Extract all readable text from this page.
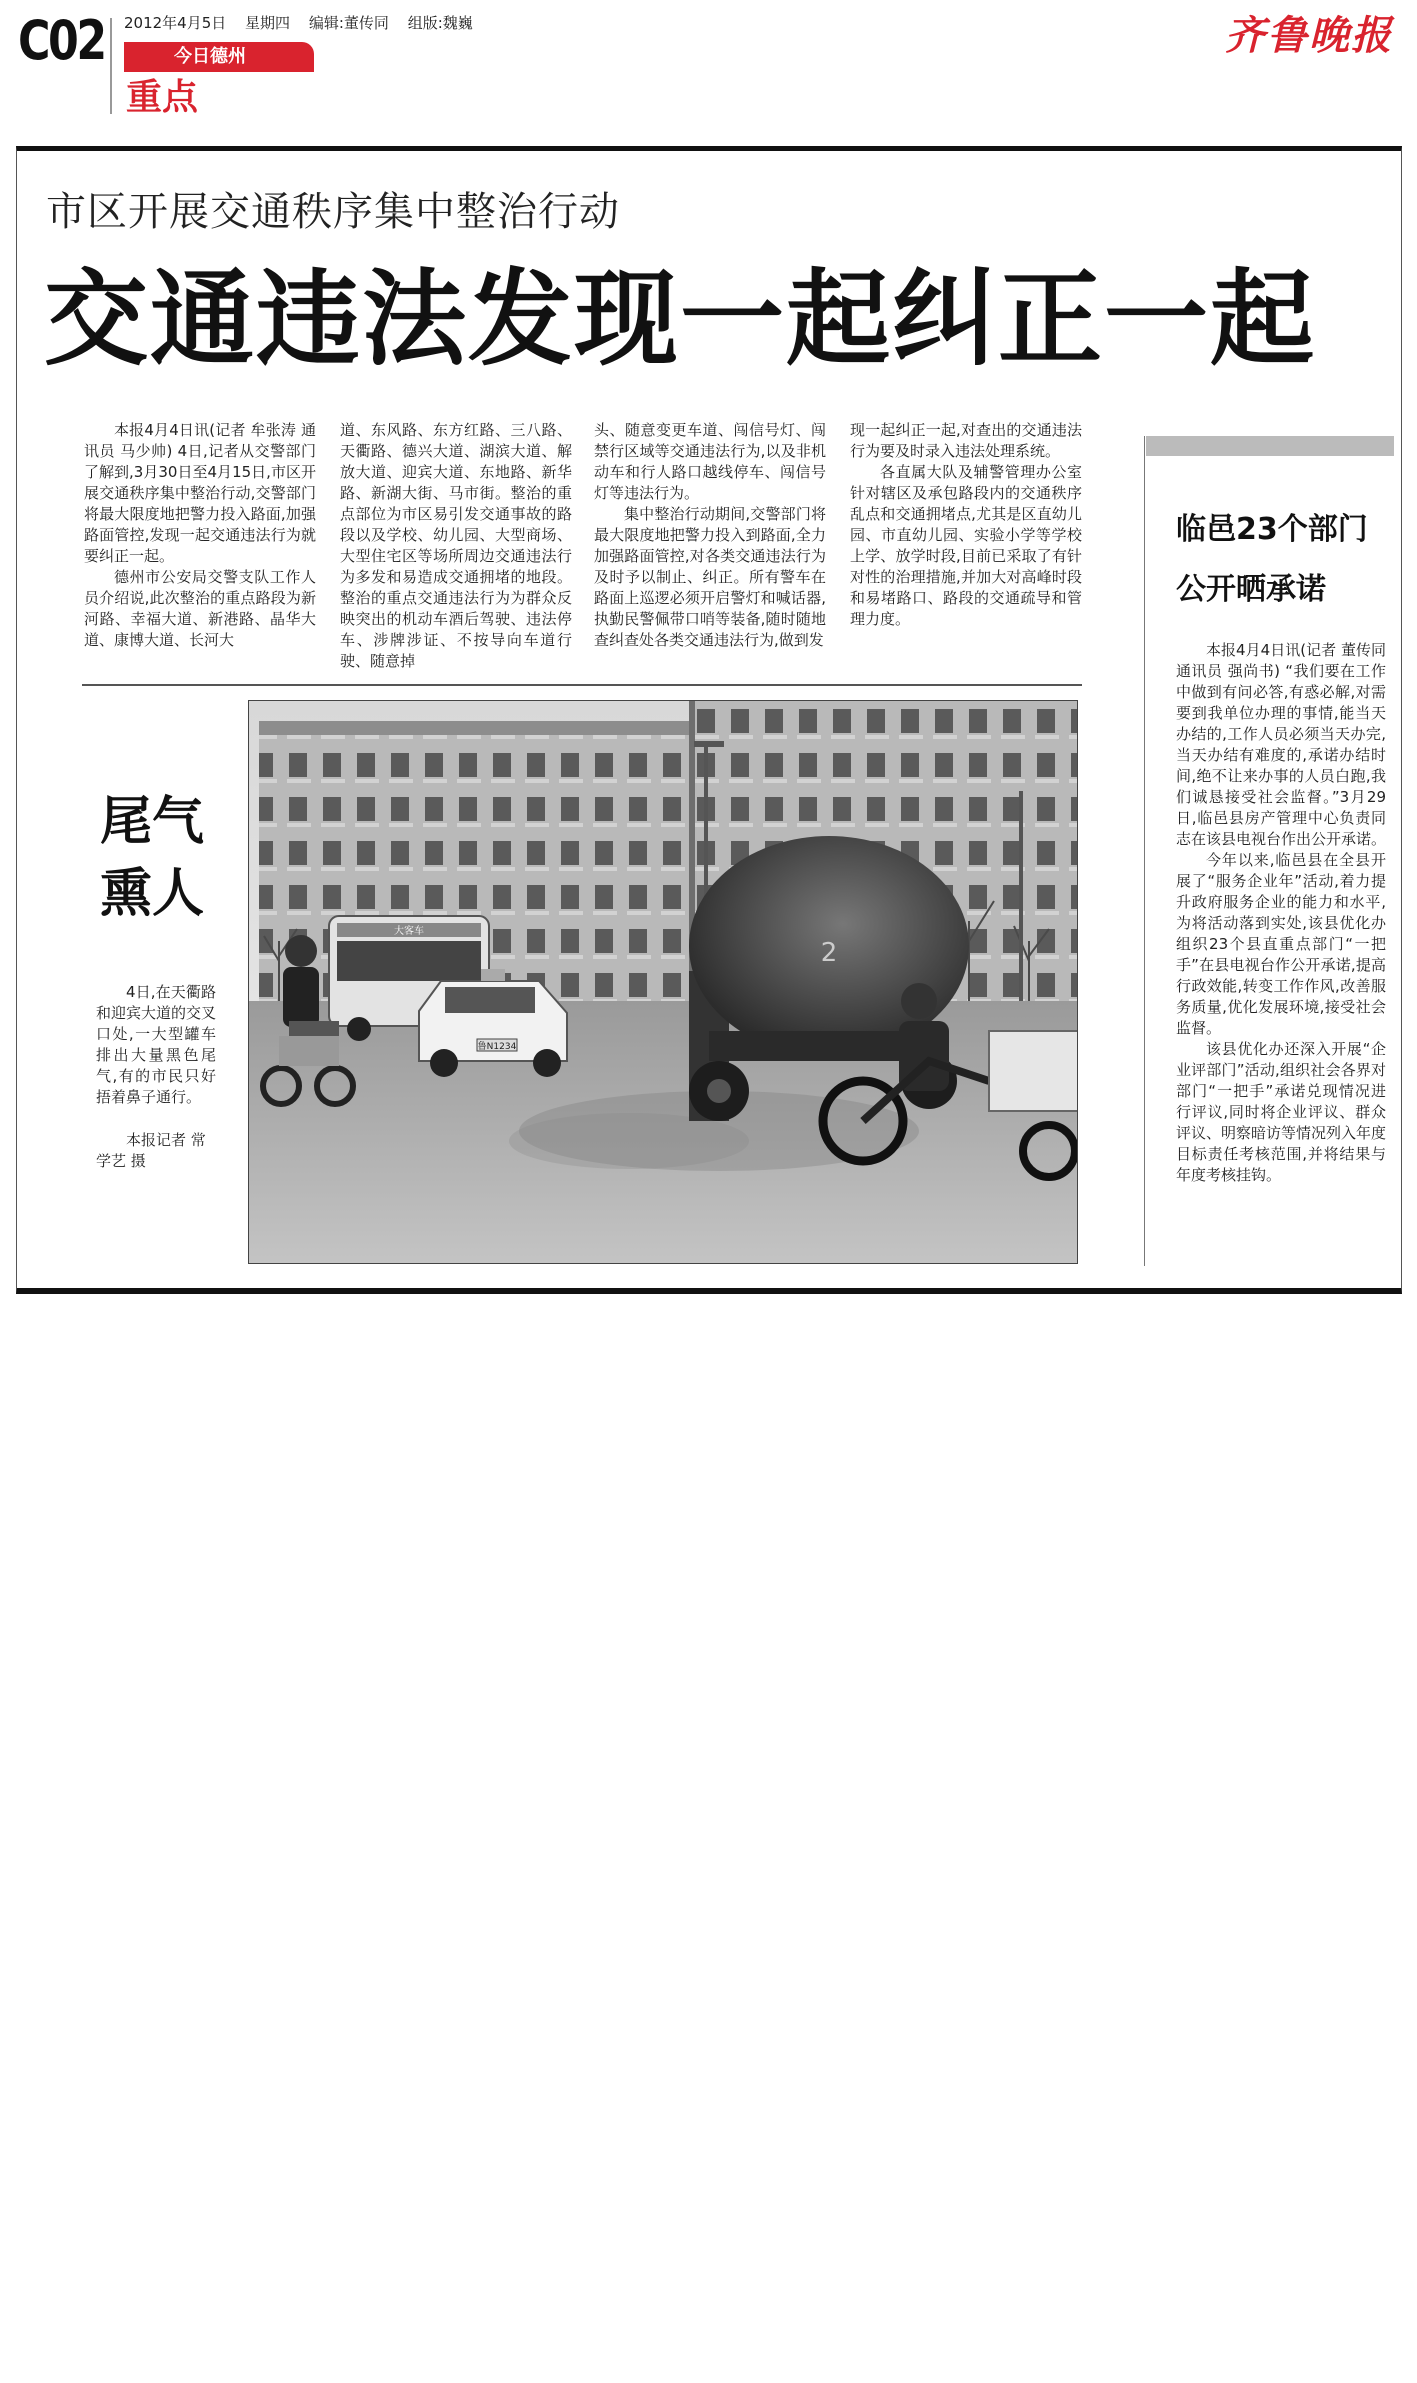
C02 2012年4月5日 星期四 编辑:董传同 组版:魏巍
今日德州
重点
齐鲁晚报
市区开展交通秩序集中整治行动
交通违法发现一起纠正一起

本报4月4日讯(记者 牟张涛 通讯员 马少帅) 4日,记者从交警部门了解到,3月30日至4月15日,市区开展交通秩序集中整治行动,交警部门将最大限度地把警力投入路面,加强路面管控,发现一起交通违法行为就要纠正一起。

德州市公安局交警支队工作人员介绍说,此次整治的重点路段为新河路、幸福大道、新港路、晶华大道、康博大道、长河大

道、东风路、东方红路、三八路、天衢路、德兴大道、湖滨大道、解放大道、迎宾大道、东地路、新华路、新湖大街、马市街。整治的重点部位为市区易引发交通事故的路段以及学校、幼儿园、大型商场、大型住宅区等场所周边交通违法行为多发和易造成交通拥堵的地段。整治的重点交通违法行为为群众反映突出的机动车酒后驾驶、违法停车、涉牌涉证、不按导向车道行驶、随意掉

头、随意变更车道、闯信号灯、闯禁行区域等交通违法行为,以及非机动车和行人路口越线停车、闯信号灯等违法行为。

集中整治行动期间,交警部门将最大限度地把警力投入到路面,全力加强路面管控,对各类交通违法行为及时予以制止、纠正。所有警车在路面上巡逻必须开启警灯和喊话器,执勤民警佩带口哨等装备,随时随地查纠查处各类交通违法行为,做到发

现一起纠正一起,对查出的交通违法行为要及时录入违法处理系统。

各直属大队及辅警管理办公室针对辖区及承包路段内的交通秩序乱点和交通拥堵点,尤其是区直幼儿园、市直幼儿园、实验小学等学校上学、放学时段,目前已采取了有针对性的治理措施,并加大对高峰时段和易堵路口、路段的交通疏导和管理力度。

大客车
鲁N1234
2
尾气
熏人

4日,在天衢路和迎宾大道的交叉口处,一大型罐车排出大量黑色尾气,有的市民只好捂着鼻子通行。

本报记者 常学艺 摄
临邑23个部门
公开晒承诺

本报4月4日讯(记者 董传同 通讯员 强尚书) “我们要在工作中做到有问必答,有惑必解,对需要到我单位办理的事情,能当天办结的,工作人员必须当天办完,当天办结有难度的,承诺办结时间,绝不让来办事的人员白跑,我们诚恳接受社会监督。”3月29日,临邑县房产管理中心负责同志在该县电视台作出公开承诺。

今年以来,临邑县在全县开展了“服务企业年”活动,着力提升政府服务企业的能力和水平,为将活动落到实处,该县优化办组织23个县直重点部门“一把手”在县电视台作公开承诺,提高行政效能,转变工作作风,改善服务质量,优化发展环境,接受社会监督。

该县优化办还深入开展“企业评部门”活动,组织社会各界对部门“一把手”承诺兑现情况进行评议,同时将企业评议、群众评议、明察暗访等情况列入年度目标责任考核范围,并将结果与年度考核挂钩。
